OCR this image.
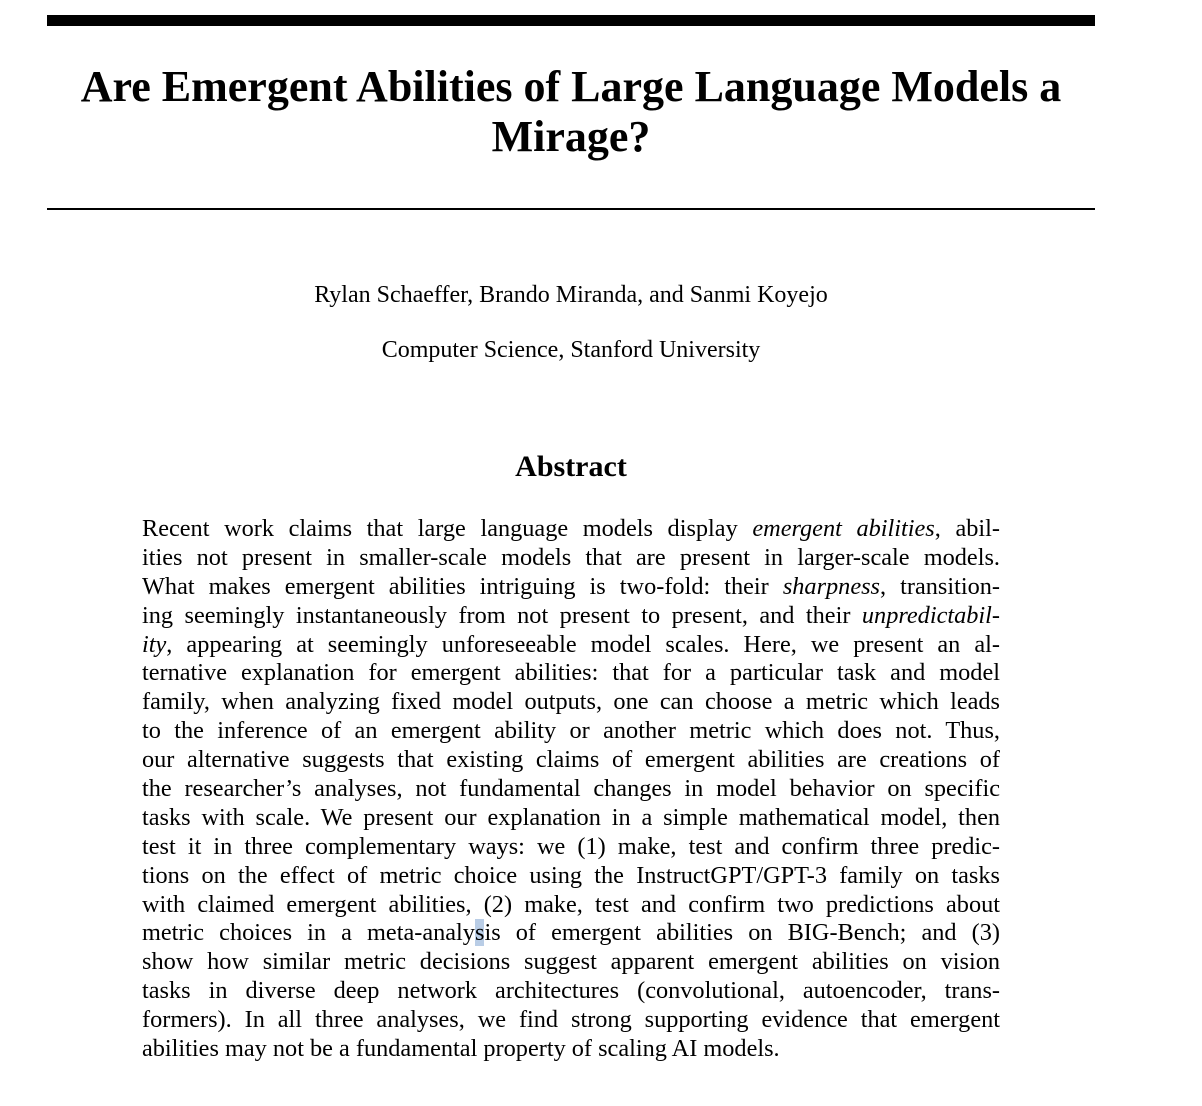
Are Emergent Abilities of Large Language Models a
Mirage?
Rylan Schaeffer, Brando Miranda, and Sanmi Koyejo
Computer Science, Stanford University
Abstract
Recent work claims that large language models display emergent abilities, abil-
ities not present in smaller-scale models that are present in larger-scale models.
What makes emergent abilities intriguing is two-fold: their sharpness, transition-
ing seemingly instantaneously from not present to present, and their unpredictabil-
ity, appearing at seemingly unforeseeable model scales. Here, we present an al-
ternative explanation for emergent abilities: that for a particular task and model
family, when analyzing fixed model outputs, one can choose a metric which leads
to the inference of an emergent ability or another metric which does not. Thus,
our alternative suggests that existing claims of emergent abilities are creations of
the researcher’s analyses, not fundamental changes in model behavior on specific
tasks with scale. We present our explanation in a simple mathematical model, then
test it in three complementary ways: we (1) make, test and confirm three predic-
tions on the effect of metric choice using the InstructGPT/GPT-3 family on tasks
with claimed emergent abilities, (2) make, test and confirm two predictions about
metric choices in a meta-analysis of emergent abilities on BIG-Bench; and (3)
show how similar metric decisions suggest apparent emergent abilities on vision
tasks in diverse deep network architectures (convolutional, autoencoder, trans-
formers). In all three analyses, we find strong supporting evidence that emergent
abilities may not be a fundamental property of scaling AI models.
